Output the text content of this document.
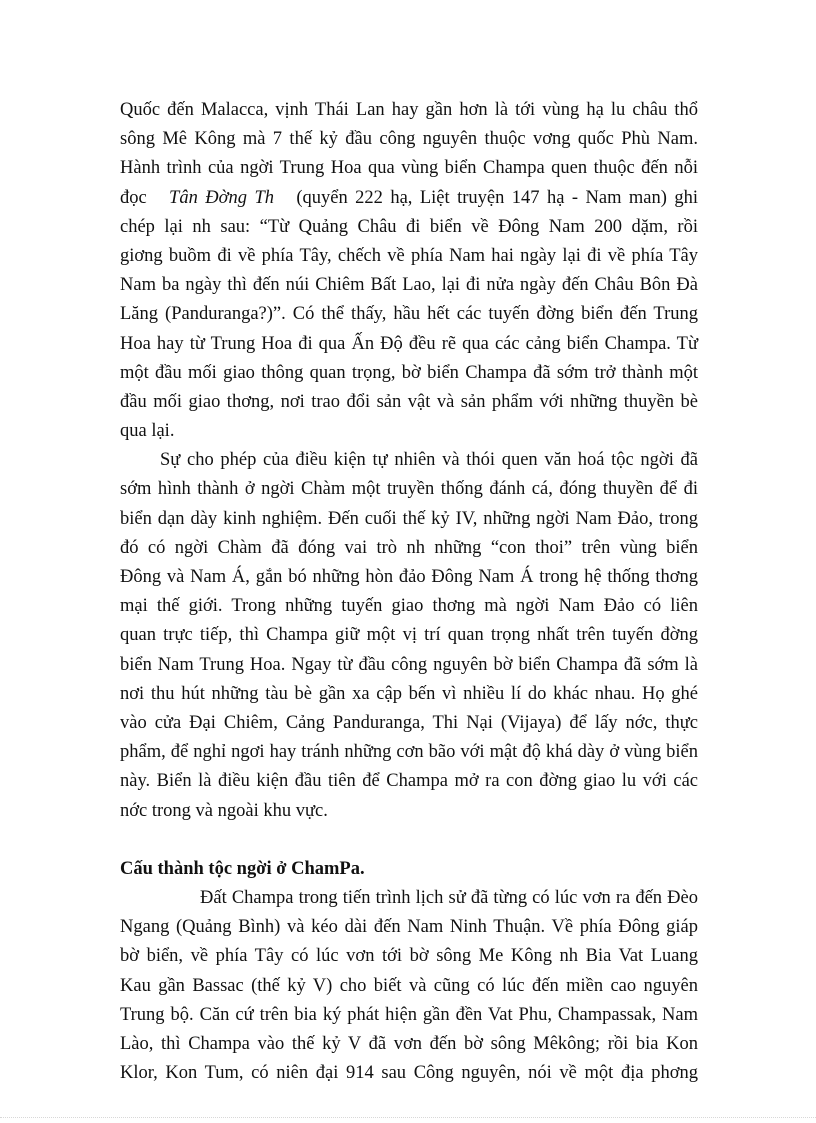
Quốc đến Malacca, vịnh Thái Lan hay gần hơn là tới vùng hạ lu châu thổ
sông Mê Kông mà 7 thế kỷ đầu công nguyên thuộc vơng quốc Phù Nam.
Hành trình của ngời Trung Hoa qua vùng biển Champa quen thuộc đến nỗi
đọc Tân Đờng Th (quyển 222 hạ, Liệt truyện 147 hạ - Nam man) ghi
chép lại nh sau: “Từ Quảng Châu đi biển về Đông Nam 200 dặm, rồi
giơng buồm đi về phía Tây, chếch về phía Nam hai ngày lại đi về phía Tây
Nam ba ngày thì đến núi Chiêm Bất Lao, lại đi nửa ngày đến Châu Bôn Đà
Lăng (Panduranga?)”. Có thể thấy, hầu hết các tuyến đờng biển đến Trung
Hoa hay từ Trung Hoa đi qua Ấn Độ đều rẽ qua các cảng biển Champa. Từ
một đầu mối giao thông quan trọng, bờ biển Champa đã sớm trở thành một
đầu mối giao thơng, nơi trao đổi sản vật và sản phẩm với những thuyền bè
qua lại.
Sự cho phép của điều kiện tự nhiên và thói quen văn hoá tộc ngời đã
sớm hình thành ở ngời Chàm một truyền thống đánh cá, đóng thuyền để đi
biển dạn dày kinh nghiệm. Đến cuối thế kỷ IV, những ngời Nam Đảo, trong
đó có ngời Chàm đã đóng vai trò nh những “con thoi” trên vùng biển
Đông và Nam Á, gắn bó những hòn đảo Đông Nam Á trong hệ thống thơng
mại thế giới. Trong những tuyến giao thơng mà ngời Nam Đảo có liên
quan trực tiếp, thì Champa giữ một vị trí quan trọng nhất trên tuyến đờng
biển Nam Trung Hoa. Ngay từ đầu công nguyên bờ biển Champa đã sớm là
nơi thu hút những tàu bè gần xa cập bến vì nhiều lí do khác nhau. Họ ghé
vào cửa Đại Chiêm, Cảng Panduranga, Thi Nại (Vijaya) để lấy nớc, thực
phẩm, để nghỉ ngơi hay tránh những cơn bão với mật độ khá dày ở vùng biển
này. Biển là điều kiện đầu tiên để Champa mở ra con đờng giao lu với các
nớc trong và ngoài khu vực.
Cấu thành tộc ngời ở ChamPa.
Đất Champa trong tiến trình lịch sử đã từng có lúc vơn ra đến Đèo
Ngang (Quảng Bình) và kéo dài đến Nam Ninh Thuận. Về phía Đông giáp
bờ biển, về phía Tây có lúc vơn tới bờ sông Me Kông nh Bia Vat Luang
Kau gần Bassac (thế kỷ V) cho biết và cũng có lúc đến miền cao nguyên
Trung bộ. Căn cứ trên bia ký phát hiện gần đền Vat Phu, Champassak, Nam
Lào, thì Champa vào thế kỷ V đã vơn đến bờ sông Mêkông; rồi bia Kon
Klor, Kon Tum, có niên đại 914 sau Công nguyên, nói về một địa phơng
